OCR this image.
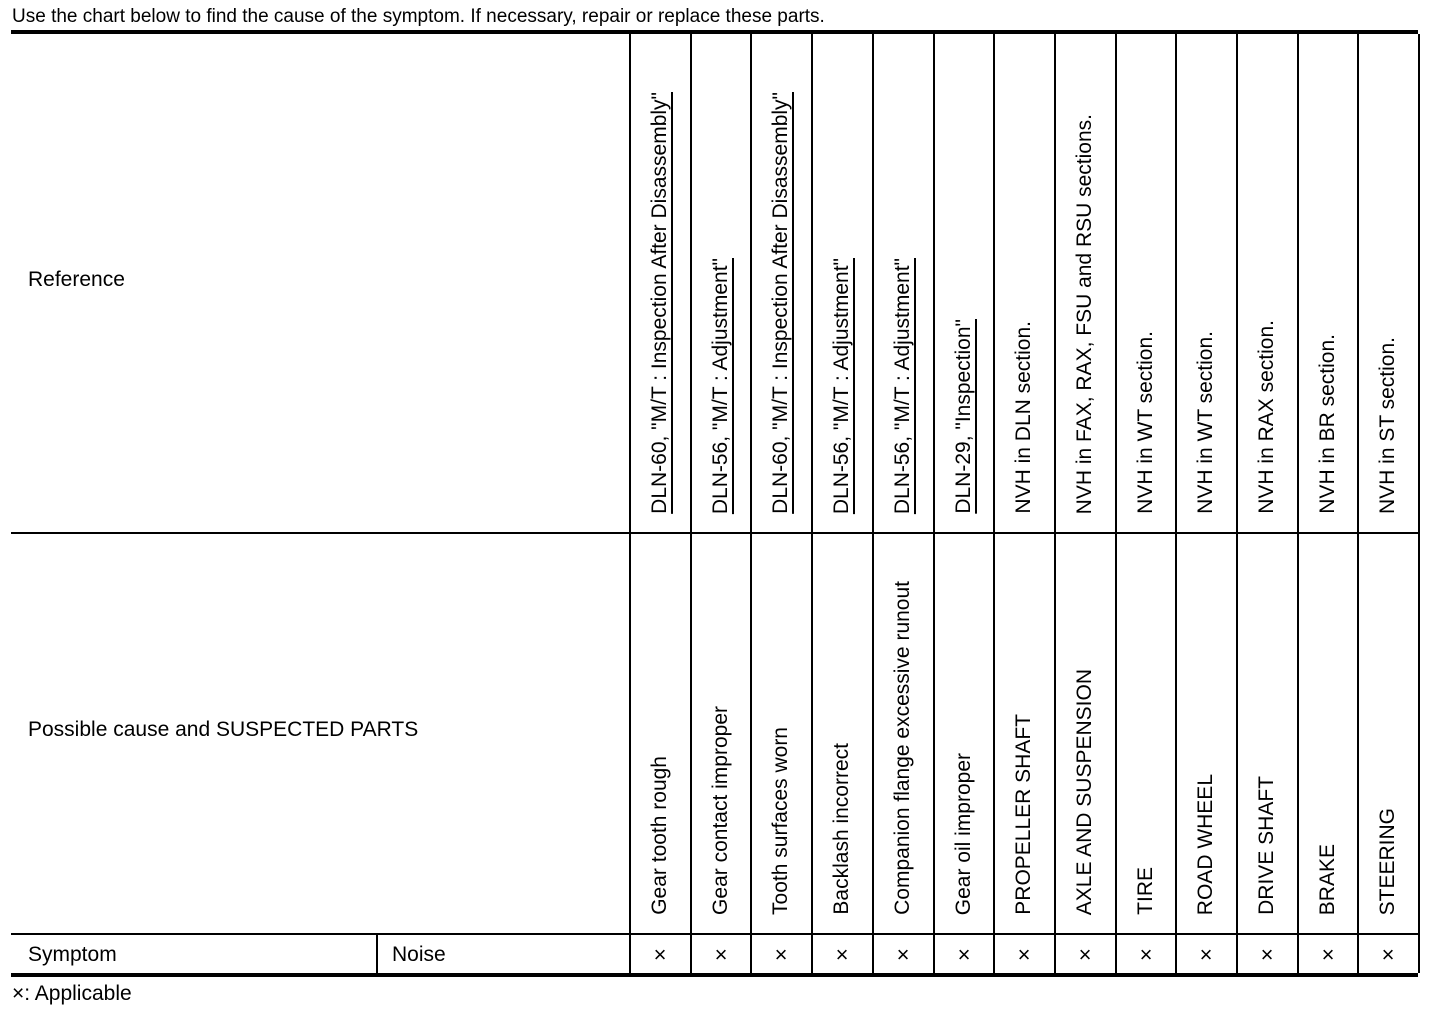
Use the chart below to find the cause of the symptom. If necessary, repair or replace these parts.
Reference
Possible cause and SUSPECTED PARTS
Symptom	Noise
DLN-60, "M/T : Inspection After Disassembly"
Gear tooth rough
×
DLN-56, "M/T : Adjustment"
Gear contact improper
×
DLN-60, "M/T : Inspection After Disassembly"
Tooth surfaces worn
×
DLN-56, "M/T : Adjustment"
Backlash incorrect
×
DLN-56, "M/T : Adjustment"
Companion flange excessive runout
×
DLN-29, "Inspection"
Gear oil improper
×
NVH in DLN section.
PROPELLER SHAFT
×
NVH in FAX, RAX, FSU and RSU sections.
AXLE AND SUSPENSION
×
NVH in WT section.
TIRE
×
NVH in WT section.
ROAD WHEEL
×
NVH in RAX section.
DRIVE SHAFT
×
NVH in BR section.
BRAKE
×
NVH in ST section.
STEERING
×
×: Applicable
